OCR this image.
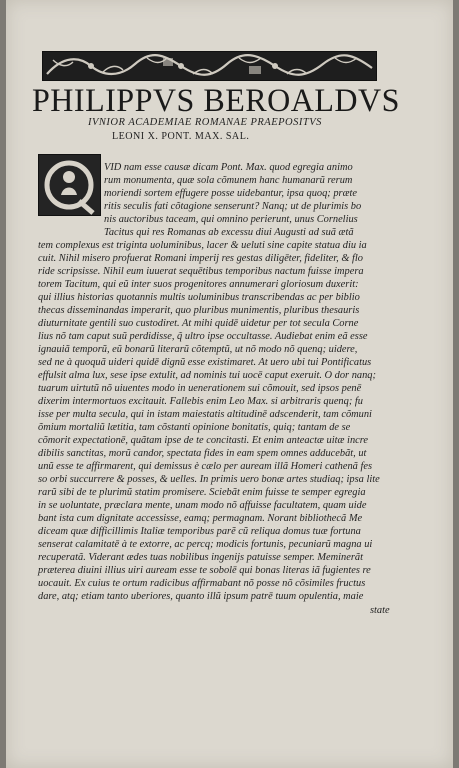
PHILIPPVS BEROALDVS
IVNIOR ACADEMIAE ROMANAE PRAEPOSITVS
LEONI X. PONT. MAX. SAL.
VID nam esse causæ dicam Pont. Max. quod egregia animo
rum monumenta, quæ sola cõmunem hanc humanarũ rerum
moriendi sortem effugere posse uidebantur, ipsa quoq; præte
ritis seculis fati cõtagione senserunt? Nanq; ut de plurimis bo
nis auctoribus taceam, qui omnino perierunt, unus Cornelius
Tacitus qui res Romanas ab excessu diui Augusti ad suã ætã
tem complexus est triginta uoluminibus, lacer & ueluti sine capite statua diu ia
cuit. Nihil misero profuerat Romani imperij res gestas diligēter, fideliter, & flo
ride scripsisse. Nihil eum iuuerat sequētibus temporibus nactum fuisse impera
torem Tacitum, qui eũ inter suos progenitores annumerari gloriosum duxerit:
qui illius historias quotannis multis uoluminibus transcribendas ac per biblio
thecas disseminandas imperarit, quo pluribus munimentis, pluribus thesauris
diuturnitate gentili suo custodiret. At mihi quidē uidetur per tot secula Corne
lius nõ tam caput suũ perdidisse, q̃ ultro ipse occultasse. Audiebat enim eã esse
ignauiã temporũ, eũ bonarũ literarũ cõtemptũ, ut nõ modo nõ quenq; uidere,
sed ne à quoquã uideri quidē dignũ esse existimaret. At uero ubi tui Pontificatus
effulsit alma lux, sese ipse extulit, ad nominis tui uocē caput exeruit. O dor nanq;
tuarum uirtutũ nõ uiuentes modo in uenerationem sui cõmouit, sed ipsos penē
dixerim intermortuos excitauit. Fallebis enim Leo Max. si arbitraris quenq; fu
isse per multa secula, qui in istam maiestatis altitudinē adscenderit, tam cõmuni
õmium mortaliũ lætitia, tam cõstanti opinione bonitatis, quiq; tantam de se
cõmorit expectationē, quãtam ipse de te concitasti. Et enim anteactæ uitæ incre
dibilis sanctitas, morũ candor, spectata fides in eam spem omnes adducebãt, ut
unũ esse te affirmarent, qui demissus è cælo per auream illã Homeri cathenã fes
so orbi succurrere & posses, & uelles. In primis uero bonæ artes studiaq; ipsa lite
rarũ sibi de te plurimũ statim promisere. Sciebãt enim fuisse te semper egregia
in se uoluntate, præclara mente, unam modo nõ affuisse facultatem, quam uide
bant ista cum dignitate accessisse, eamq; permagnam. Norant bibliothecã Me
diceam quæ difficillimis Italiæ temporibus parẽ cũ reliqua domus tuæ fortuna
senserat calamitatē à te extorre, ac percq; modicis fortunis, pecuniarũ magna ui
recuperatã. Viderant ædes tuas nobilibus ingenijs patuisse semper. Meminerãt
præterea diuini illius uiri auream esse te sobolē qui bonas literas iã fugientes re
uocauit. Ex cuius te ortum radicibus affirmabant nõ posse nõ cõsimiles fructus
dare, atq; etiam tanto uberiores, quanto illũ ipsum patrē tuum opulentia, maie
state
